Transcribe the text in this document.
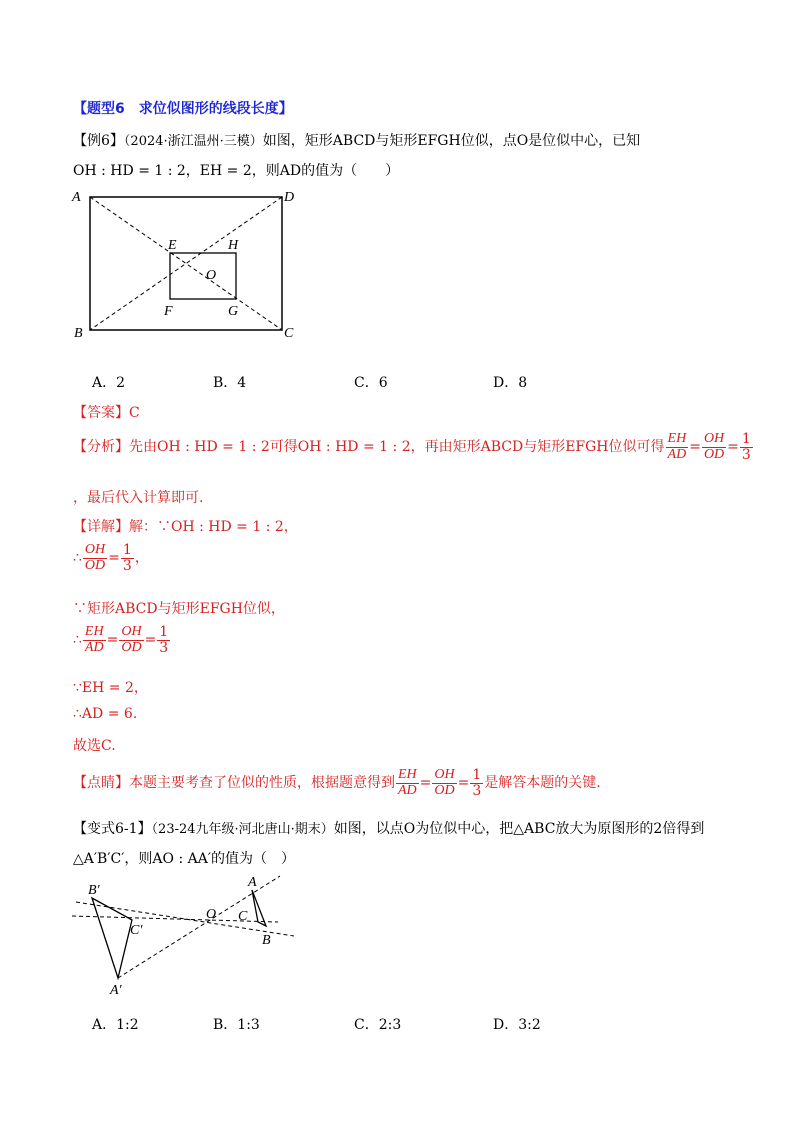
【题型6　求位似图形的线段长度】
【例6】（2024·浙江温州·三模）如图，矩形ABCD与矩形EFGH位似，点O是位似中心，已知
OH : HD = 1 : 2，EH = 2，则AD的值为（　　）
A	D
B	C
E	H
O
F	G
A．2	B．4	C．6	D．8
【答案】C
【分析】先由OH : HD = 1 : 2可得OH : HD = 1 : 2，再由矩形ABCD与矩形EFGH位似可得 $\frac{EH}{AD} = \frac{OH}{OD} = \frac{1}{3}$
，最后代入计算即可.
【详解】解：∵OH : HD = 1 : 2，
∴ $\frac{OH}{OD} = \frac{1}{3}$ ，
∵矩形ABCD与矩形EFGH位似，
∴ $\frac{EH}{AD} = \frac{OH}{OD} = \frac{1}{3}$
∵EH = 2，
∴AD = 6.
故选C.
【点睛】本题主要考查了位似的性质，根据题意得到 $\frac{EH}{AD} = \frac{OH}{OD} = \frac{1}{3}$ 是解答本题的关键.
【变式6-1】（23-24九年级·河北唐山·期末）如图，以点O为位似中心，把△ABC放大为原图形的2倍得到
△A′B′C′，则AO : AA′的值为（　）
B′
C′
A′
O
A
C
B
A．1:2	B．1:3	C．2:3	D．3:2
